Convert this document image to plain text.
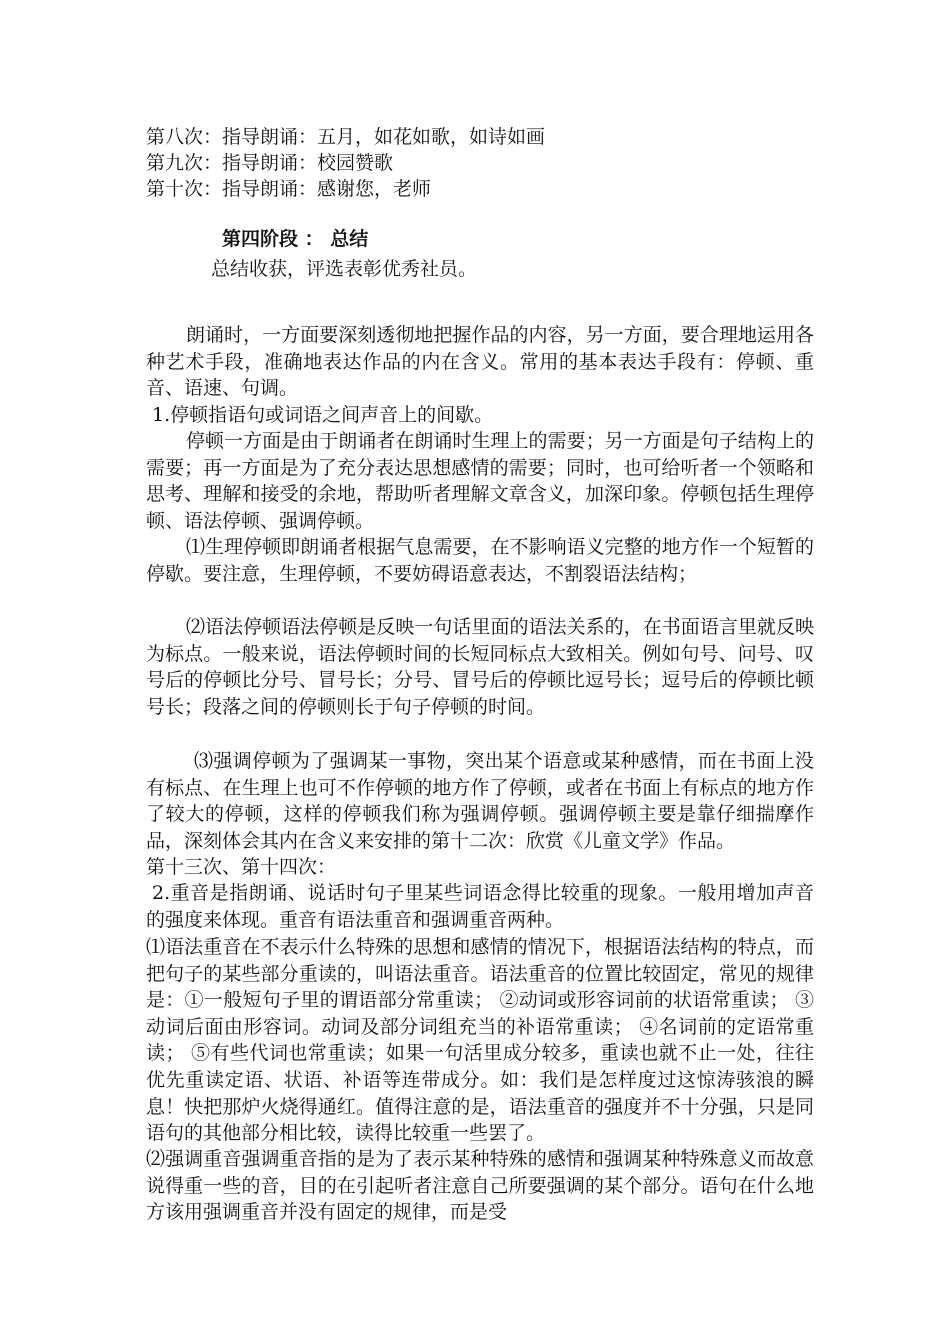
第八次：指导朗诵：五月，如花如歌，如诗如画
第九次：指导朗诵：校园赞歌
第十次：指导朗诵：感谢您，老师
第四阶段 ： 总结
总结收获，评选表彰优秀社员。

朗诵时，一方面要深刻透彻地把握作品的内容，另一方面，要合理地运用各种艺术手段，准确地表达作品的内在含义。常用的基本表达手段有：停顿、重音、语速、句调。

1.停顿指语句或词语之间声音上的间歇。

停顿一方面是由于朗诵者在朗诵时生理上的需要；另一方面是句子结构上的需要；再一方面是为了充分表达思想感情的需要；同时，也可给听者一个领略和思考、理解和接受的余地，帮助听者理解文章含义，加深印象。停顿包括生理停顿、语法停顿、强调停顿。

⑴生理停顿即朗诵者根据气息需要，在不影响语义完整的地方作一个短暂的停歇。要注意，生理停顿，不要妨碍语意表达，不割裂语法结构；

⑵语法停顿语法停顿是反映一句话里面的语法关系的，在书面语言里就反映为标点。一般来说，语法停顿时间的长短同标点大致相关。例如句号、问号、叹号后的停顿比分号、冒号长；分号、冒号后的停顿比逗号长；逗号后的停顿比顿号长；段落之间的停顿则长于句子停顿的时间。

⑶强调停顿为了强调某一事物，突出某个语意或某种感情，而在书面上没有标点、在生理上也可不作停顿的地方作了停顿，或者在书面上有标点的地方作了较大的停顿，这样的停顿我们称为强调停顿。强调停顿主要是靠仔细揣摩作品，深刻体会其内在含义来安排的第十二次：欣赏《儿童文学》作品。

第十三次、第十四次：

2.重音是指朗诵、说话时句子里某些词语念得比较重的现象。一般用增加声音的强度来体现。重音有语法重音和强调重音两种。

⑴语法重音在不表示什么特殊的思想和感情的情况下，根据语法结构的特点，而把句子的某些部分重读的，叫语法重音。语法重音的位置比较固定，常见的规律是：①一般短句子里的谓语部分常重读； ②动词或形容词前的状语常重读； ③ 动词后面由形容词。动词及部分词组充当的补语常重读； ④名词前的定语常重读； ⑤有些代词也常重读；如果一句活里成分较多，重读也就不止一处，往往优先重读定语、状语、补语等连带成分。如：我们是怎样度过这惊涛骇浪的瞬息！快把那炉火烧得通红。值得注意的是，语法重音的强度并不十分强，只是同语句的其他部分相比较，读得比较重一些罢了。

⑵强调重音强调重音指的是为了表示某种特殊的感情和强调某种特殊意义而故意说得重一些的音，目的在引起听者注意自己所要强调的某个部分。语句在什么地方该用强调重音并没有固定的规律，而是受
